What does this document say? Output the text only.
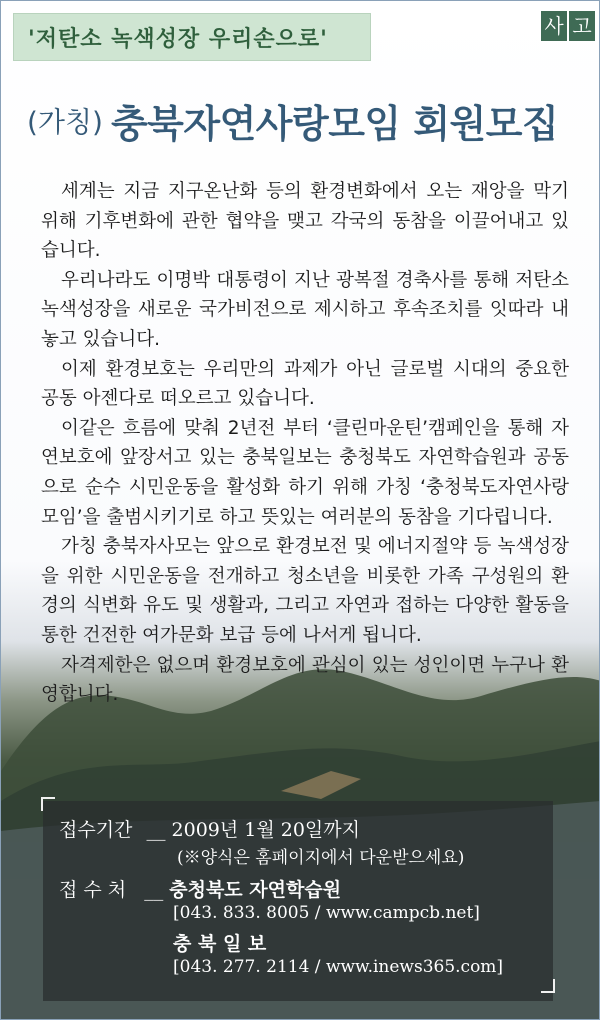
'저탄소 녹색성장 우리손으로'
사 고
(가칭) 충북자연사랑모임 회원모집

세계는 지금 지구온난화 등의 환경변화에서 오는 재앙을 막기 위해 기후변화에 관한 협약을 맺고 각국의 동참을 이끌어내고 있습니다.

우리나라도 이명박 대통령이 지난 광복절 경축사를 통해 저탄소 녹색성장을 새로운 국가비전으로 제시하고 후속조치를 잇따라 내놓고 있습니다.

이제 환경보호는 우리만의 과제가 아닌 글로벌 시대의 중요한 공동 아젠다로 떠오르고 있습니다.

이같은 흐름에 맞춰 2년전 부터 ‘클린마운틴’캠페인을 통해 자연보호에 앞장서고 있는 충북일보는 충청북도 자연학습원과 공동으로 순수 시민운동을 활성화 하기 위해 가칭 ‘충청북도자연사랑모임’을 출범시키기로 하고 뜻있는 여러분의 동참을 기다립니다.

가칭 충북자사모는 앞으로 환경보전 및 에너지절약 등 녹색성장을 위한 시민운동을 전개하고 청소년을 비롯한 가족 구성원의 환경의 식변화 유도 및 생활과, 그리고 자연과 접하는 다양한 활동을 통한 건전한 여가문화 보급 등에 나서게 됩니다.

자격제한은 없으며 환경보호에 관심이 있는 성인이면 누구나 환영합니다.

접수기간 __ 2009년 1월 20일까지
(※양식은 홈페이지에서 다운받으세요)
접 수 처 __ 충청북도 자연학습원
[043. 833. 8005 / www.campcb.net]
충 북 일 보
[043. 277. 2114 / www.inews365.com]
